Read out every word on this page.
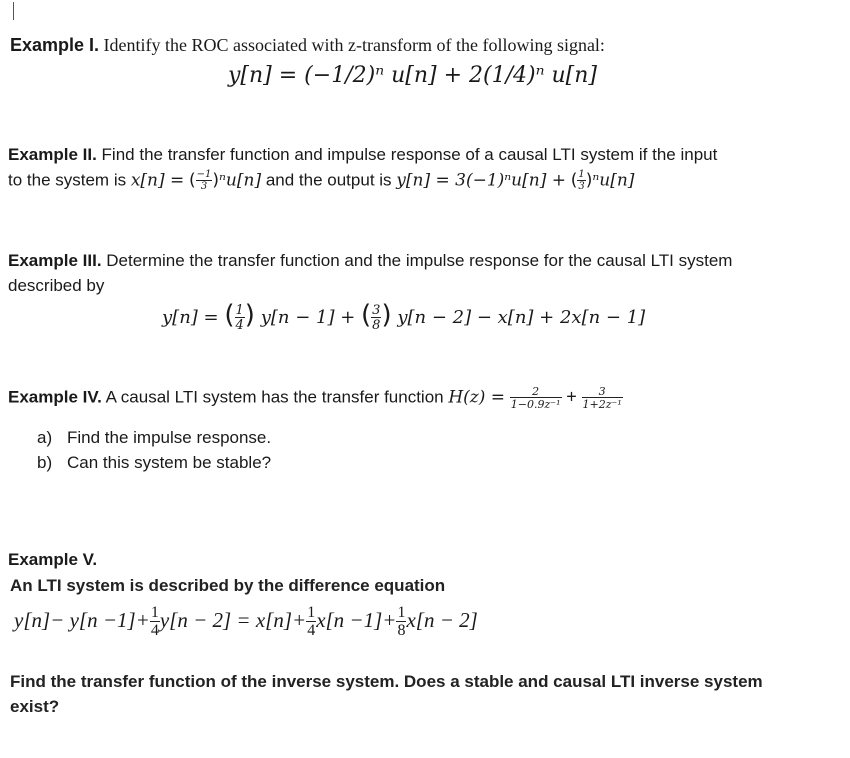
Example I. Identify the ROC associated with z-transform of the following signal:
y[n] = (−1/2)ⁿ u[n] + 2(1/4)ⁿ u[n]
Example II. Find the transfer function and impulse response of a causal LTI system if the input
to the system is x[n] = ( $\frac{-1}{3} )^nu[n]$ and the output is y[n] = 3(−1)ⁿu[n] + ( $\frac{1}{3} )^nu[n]$
Example III. Determine the transfer function and the impulse response for the causal LTI system
described by
y[n] = ( $\frac{1}{4}$ ) y[n − 1] + ( $\frac{3}{8}$ ) y[n − 2] − x[n] + 2x[n − 1]
Example IV. A causal LTI system has the transfer function $H(z) = \frac{2}{\text{1−0.9z⁻¹}} + \frac{3}{\text{1+2z⁻¹}}$
a) Find the impulse response.
b) Can this system be stable?
Example V.
An LTI system is described by the difference equation
$y[n]- y[n -1]+ \frac{1}{4} y[n - 2] = x[n]+ \frac{1}{4} x[n -1]+ \frac{1}{8} x[n - 2]$
Find the transfer function of the inverse system. Does a stable and causal LTI inverse system
exist?
